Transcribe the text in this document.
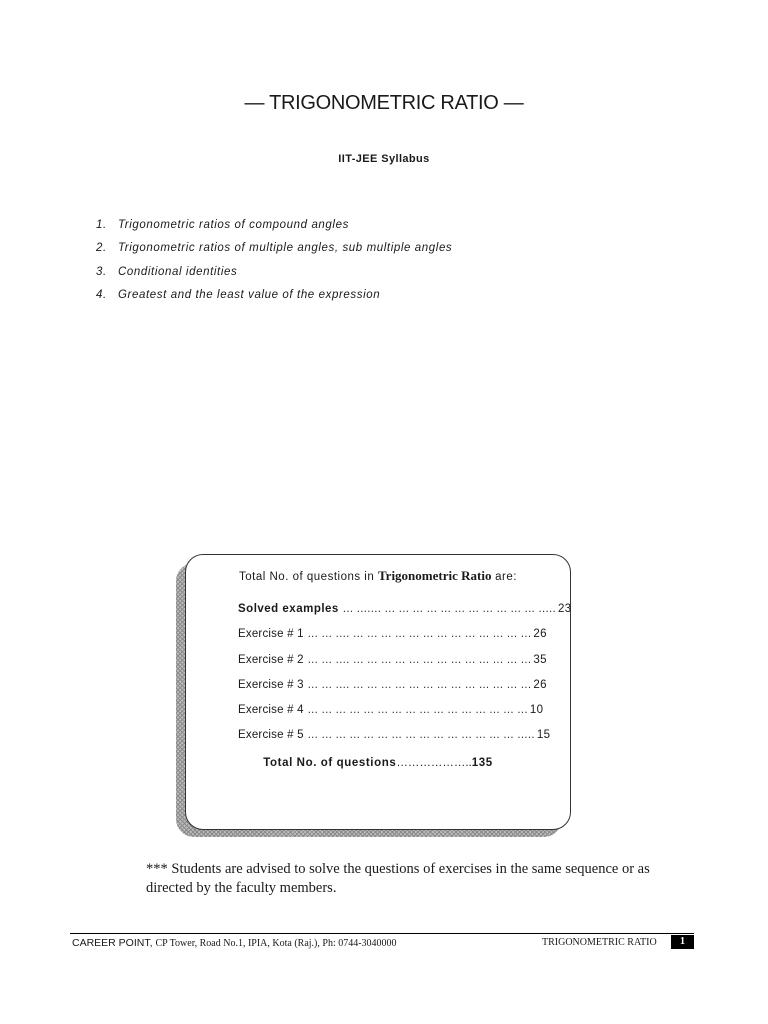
— TRIGONOMETRIC RATIO —
IIT-JEE Syllabus
1. Trigonometric ratios of compound angles
2. Trigonometric ratios of multiple angles, sub multiple angles
3. Conditional identities
4. Greatest and the least value of the expression
Total No. of questions in Trigonometric Ratio are:
Solved examples ... ....... ... ... ... ... ... ... ... ... ... ... ... ..... 23
Exercise # 1 ... ... .... ... ... ... ... ... ... ... ... ... ... ... ... ... 26
Exercise # 2 ... ... .... ... ... ... ... ... ... ... ... ... ... ... ... ... 35
Exercise # 3 ... ... .... ... ... ... ... ... ... ... ... ... ... ... ... ... 26
Exercise # 4 ... ... ... ... ... ... ... ... ... ... ... ... ... ... ... ... 10
Exercise # 5 ... ... ... ... ... ... ... ... ... ... ... ... ... ... ... ..... 15
Total No. of questions………………..135
*** Students are advised to solve the questions of exercises in the same sequence or as directed by the faculty members.
CAREER POINT, CP Tower, Road No.1, IPIA, Kota (Raj.), Ph: 0744-3040000	TRIGONOMETRIC RATIO	1
